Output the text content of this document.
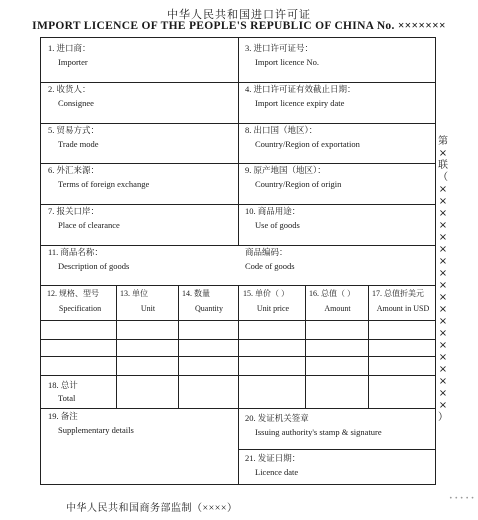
中华人民共和国进口许可证
IMPORT LICENCE OF THE PEOPLE'S REPUBLIC OF CHINA No. ×××××××
1. 进口商：
Importer
3. 进口许可证号：
Import licence No.
2. 收货人：
Consignee
4. 进口许可证有效截止日期：
Import licence expiry date
5. 贸易方式：
Trade mode
8. 出口国（地区）：
Country/Region of exportation
6. 外汇来源：
Terms of foreign exchange
9. 原产地国（地区）：
Country/Region of origin
7. 报关口岸：
Place of clearance
10. 商品用途：
Use of goods
11. 商品名称：
Description of goods
商品编码：
Code of goods
12. 规格、型号
Specification
13. 单位
Unit
14. 数量
Quantity
15. 单价（ ）
Unit price
16. 总值（ ）
Amount
17. 总值折美元
Amount in USD
18. 总计
Total
19. 备注
Supplementary details
20. 发证机关签章
Issuing authority's stamp & signature
21. 发证日期：
Licence date
第
×
联
（
×
×
×
×
×
×
×
×
×
×
×
×
×
×
×
×
×
×
×
）
中华人民共和国商务部监制（××××）
• • • • •
